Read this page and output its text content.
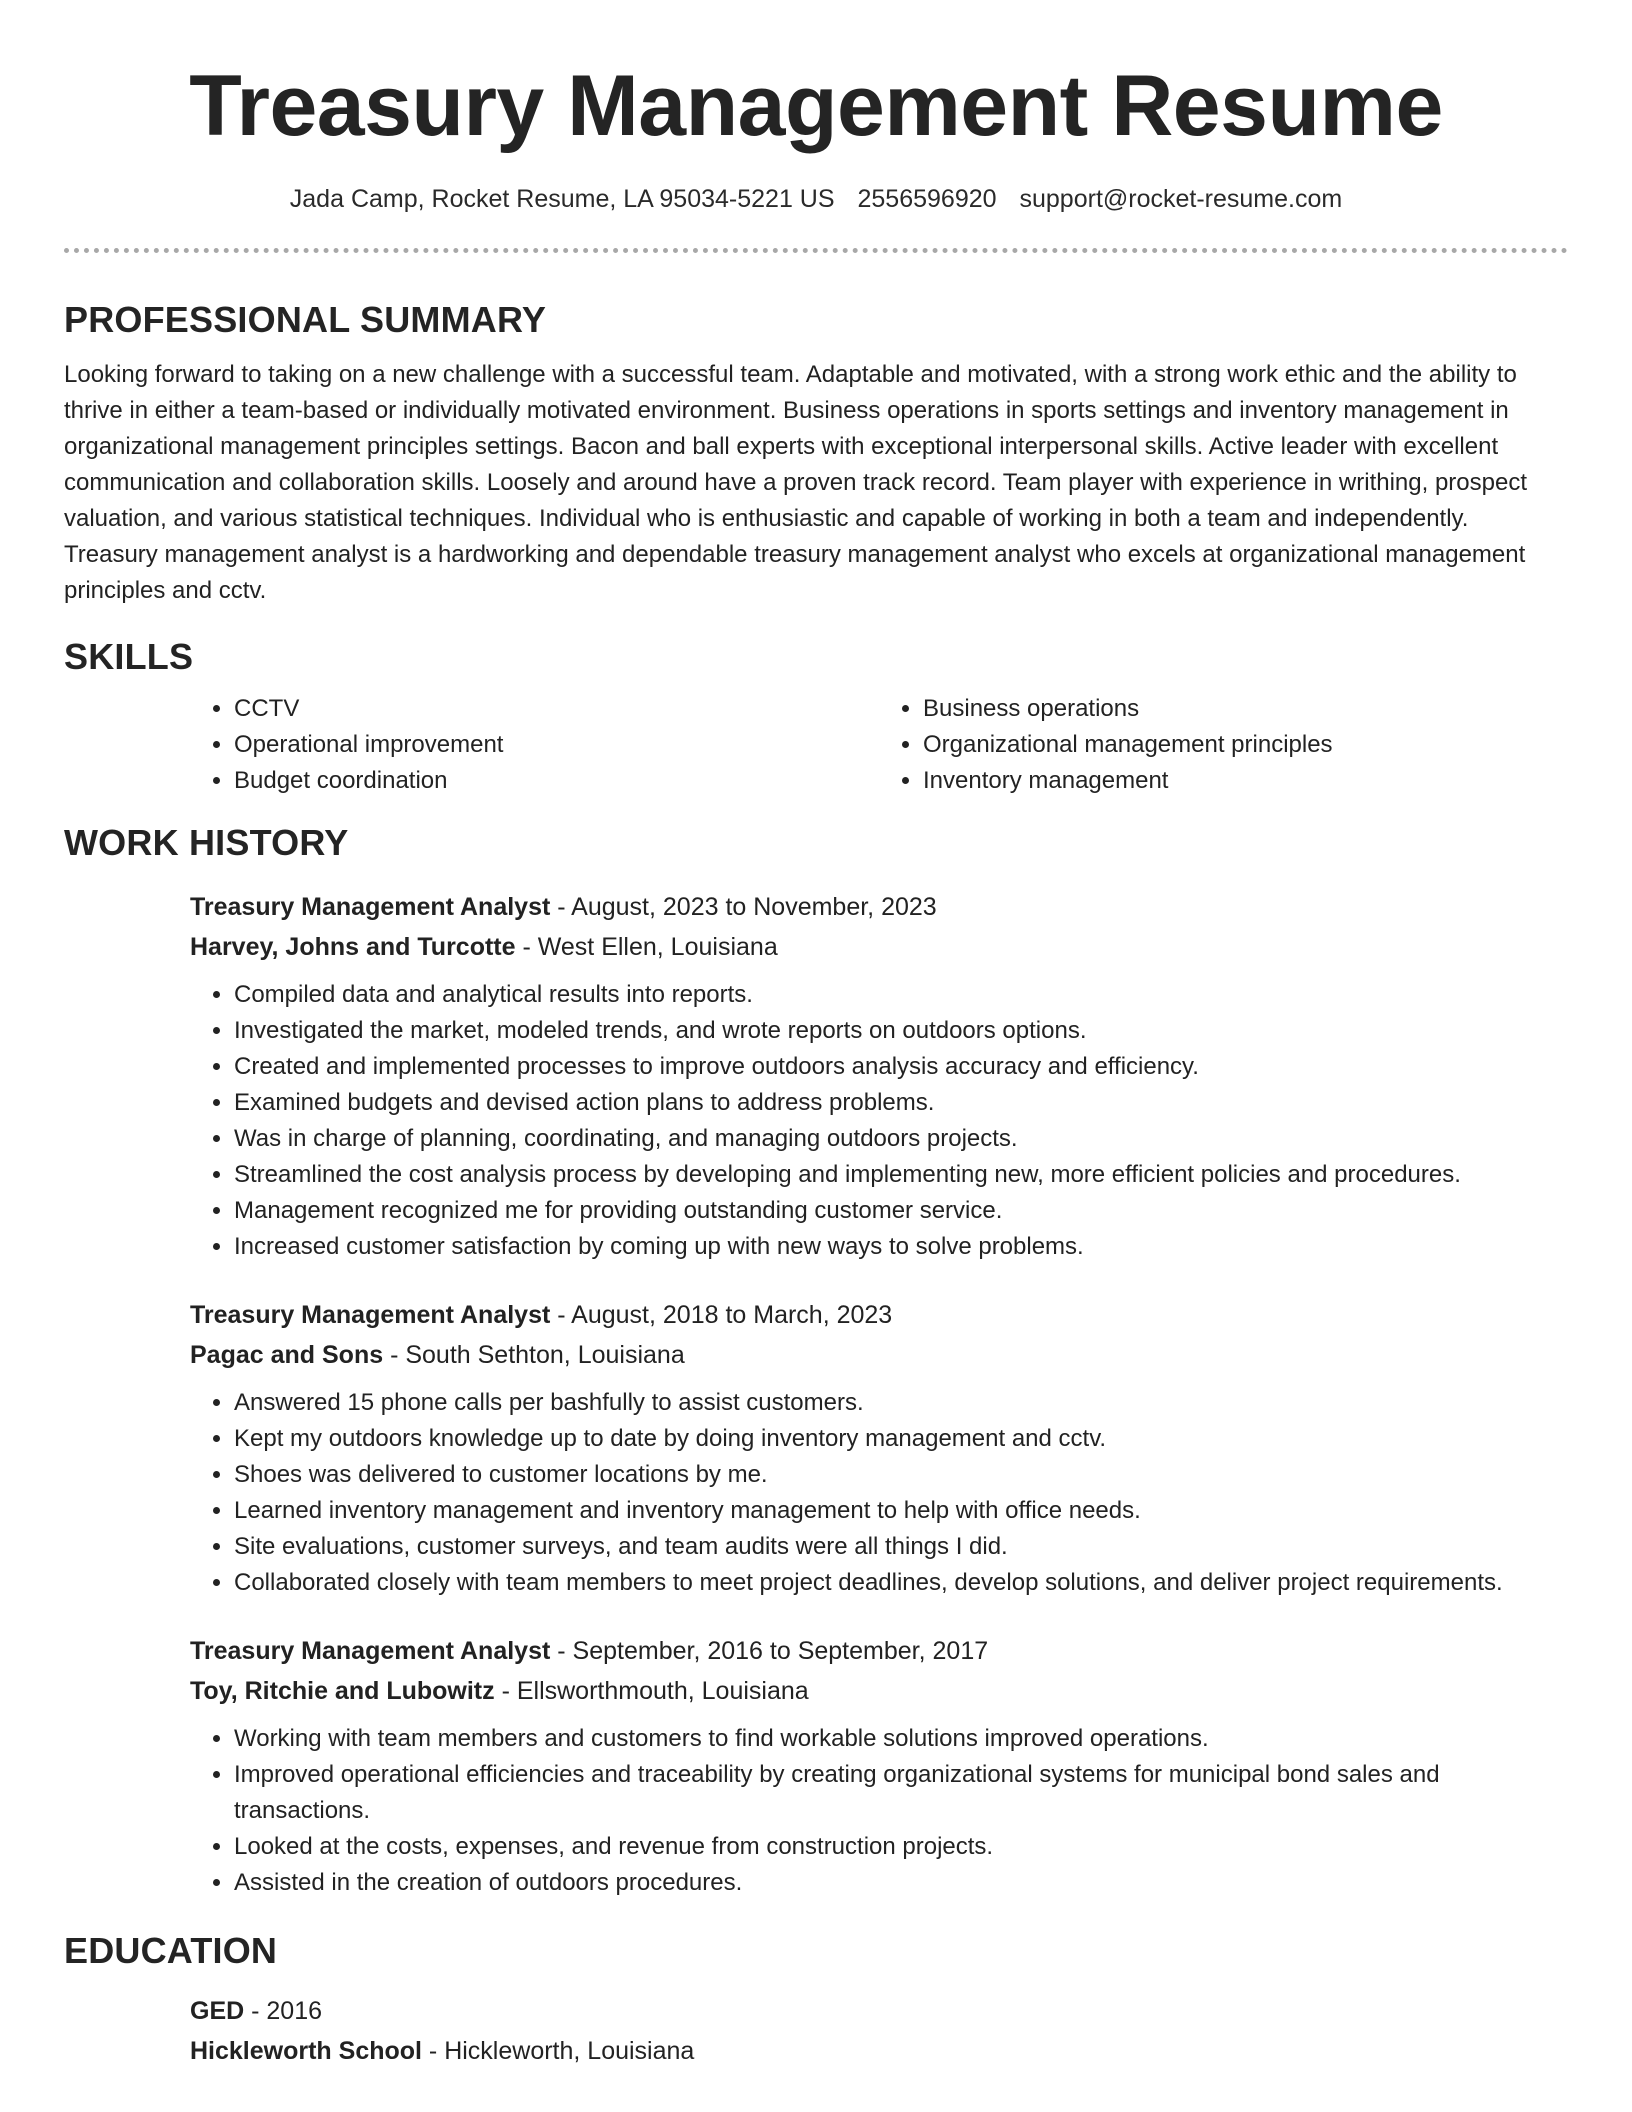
Treasury Management Resume
Jada Camp, Rocket Resume, LA 95034-5221 US 2556596920 support@rocket-resume.com
PROFESSIONAL SUMMARY

Looking forward to taking on a new challenge with a successful team. Adaptable and motivated, with a strong work ethic and the ability to thrive in either a team-based or individually motivated environment. Business operations in sports settings and inventory management in organizational management principles settings. Bacon and ball experts with exceptional interpersonal skills. Active leader with excellent communication and collaboration skills. Loosely and around have a proven track record. Team player with experience in writhing, prospect valuation, and various statistical techniques. Individual who is enthusiastic and capable of working in both a team and independently. Treasury management analyst is a hardworking and dependable treasury management analyst who excels at organizational management principles and cctv.

SKILLS
• CCTV
• Operational improvement
• Budget coordination
• Business operations
• Organizational management principles
• Inventory management
WORK HISTORY
Treasury Management Analyst - August, 2023 to November, 2023
Harvey, Johns and Turcotte - West Ellen, Louisiana
• Compiled data and analytical results into reports.
• Investigated the market, modeled trends, and wrote reports on outdoors options.
• Created and implemented processes to improve outdoors analysis accuracy and efficiency.
• Examined budgets and devised action plans to address problems.
• Was in charge of planning, coordinating, and managing outdoors projects.
• Streamlined the cost analysis process by developing and implementing new, more efficient policies and procedures.
• Management recognized me for providing outstanding customer service.
• Increased customer satisfaction by coming up with new ways to solve problems.
Treasury Management Analyst - August, 2018 to March, 2023
Pagac and Sons - South Sethton, Louisiana
• Answered 15 phone calls per bashfully to assist customers.
• Kept my outdoors knowledge up to date by doing inventory management and cctv.
• Shoes was delivered to customer locations by me.
• Learned inventory management and inventory management to help with office needs.
• Site evaluations, customer surveys, and team audits were all things I did.
• Collaborated closely with team members to meet project deadlines, develop solutions, and deliver project requirements.
Treasury Management Analyst - September, 2016 to September, 2017
Toy, Ritchie and Lubowitz - Ellsworthmouth, Louisiana
• Working with team members and customers to find workable solutions improved operations.
• Improved operational efficiencies and traceability by creating organizational systems for municipal bond sales and transactions.
• Looked at the costs, expenses, and revenue from construction projects.
• Assisted in the creation of outdoors procedures.
EDUCATION
GED - 2016
Hickleworth School - Hickleworth, Louisiana
